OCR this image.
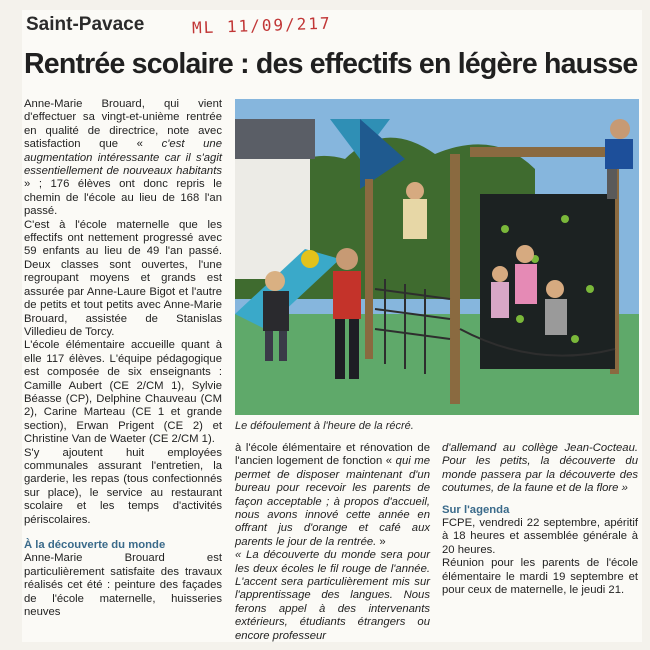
Saint-Pavace	ML 11/09/217
Rentrée scolaire : des effectifs en légère hausse

Anne-Marie Brouard, qui vient d'effectuer sa vingt-et-unième rentrée en qualité de directrice, note avec satisfaction que « c'est une augmentation intéressante car il s'agit essentiellement de nouveaux habitants » ; 176 élèves ont donc repris le chemin de l'école au lieu de 168 l'an passé.

C'est à l'école maternelle que les effectifs ont nettement progressé avec 59 enfants au lieu de 49 l'an passé. Deux classes sont ouvertes, l'une regroupant moyens et grands est assurée par Anne-Laure Bigot et l'autre de petits et tout petits avec Anne-Marie Brouard, assistée de Stanislas Villedieu de Torcy.

L'école élémentaire accueille quant à elle 117 élèves. L'équipe pédagogique est composée de six enseignants : Camille Aubert (CE 2/CM 1), Sylvie Béasse (CP), Delphine Chauveau (CM 2), Carine Marteau (CE 1 et grande section), Erwan Prigent (CE 2) et Christine Van de Waeter (CE 2/CM 1).

S'y ajoutent huit employées communales assurant l'entretien, la garderie, les repas (tous confectionnés sur place), le service au restaurant scolaire et les temps d'activités périscolaires.

À la découverte du monde

Anne-Marie Brouard est particulièrement satisfaite des travaux réalisés cet été : peinture des façades de l'école maternelle, huisseries neuves

Le défoulement à l'heure de la récré.

à l'école élémentaire et rénovation de l'ancien logement de fonction « qui me permet de disposer maintenant d'un bureau pour recevoir les parents de façon acceptable ; à propos d'accueil, nous avons innové cette année en offrant jus d'orange et café aux parents le jour de la rentrée. »

« La découverte du monde sera pour les deux écoles le fil rouge de l'année. L'accent sera particulièrement mis sur l'apprentissage des langues. Nous ferons appel à des intervenants extérieurs, étudiants étrangers ou encore professeur

d'allemand au collège Jean-Cocteau. Pour les petits, la découverte du monde passera par la découverte des coutumes, de la faune et de la flore »

Sur l'agenda

FCPE, vendredi 22 septembre, apéritif à 18 heures et assemblée générale à 20 heures.

Réunion pour les parents de l'école élémentaire le mardi 19 septembre et pour ceux de maternelle, le jeudi 21.
